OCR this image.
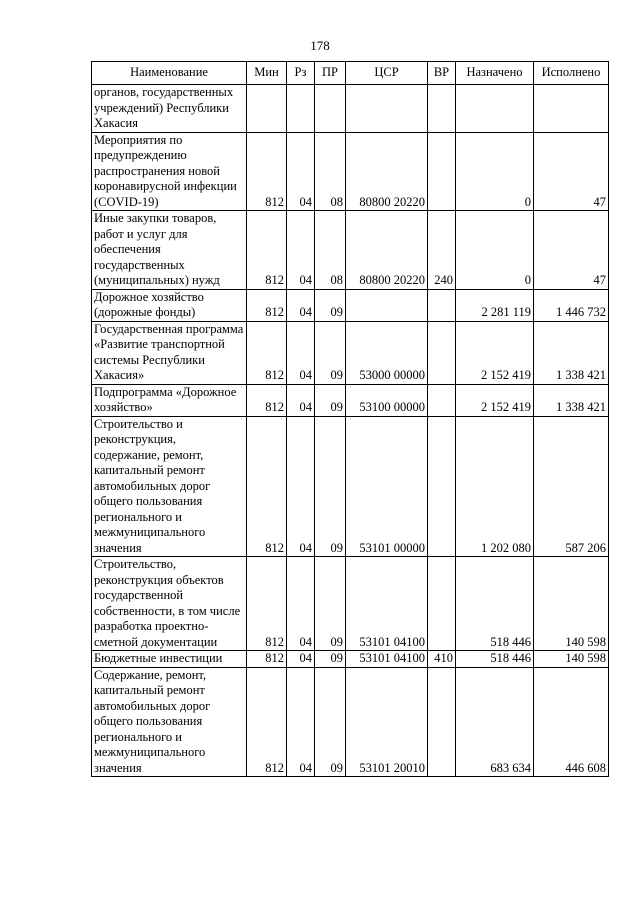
178
Наименование	Мин	Рз	ПР	ЦСР	ВР	Назначено	Исполнено
органов, государственных учреждений) Республики Хакасия							
Мероприятия по предупреждению распространения новой коронавирусной инфекции (COVID-19)	812	04	08	80800 20220		0	47
Иные закупки товаров, работ и услуг для обеспечения государственных (муниципальных) нужд	812	04	08	80800 20220	240	0	47
Дорожное хозяйство (дорожные фонды)	812	04	09			2 281 119	1 446 732
Государственная программа «Развитие транспортной системы Республики Хакасия»	812	04	09	53000 00000		2 152 419	1 338 421
Подпрограмма «Дорожное хозяйство»	812	04	09	53100 00000		2 152 419	1 338 421
Строительство и реконструкция, содержание, ремонт, капитальный ремонт автомобильных дорог общего пользования регионального и межмуниципального значения	812	04	09	53101 00000		1 202 080	587 206
Строительство, реконструкция объектов государственной собственности, в том числе разработка проектно-сметной документации	812	04	09	53101 04100		518 446	140 598
Бюджетные инвестиции	812	04	09	53101 04100	410	518 446	140 598
Содержание, ремонт, капитальный ремонт автомобильных дорог общего пользования регионального и межмуниципального значения	812	04	09	53101 20010		683 634	446 608
